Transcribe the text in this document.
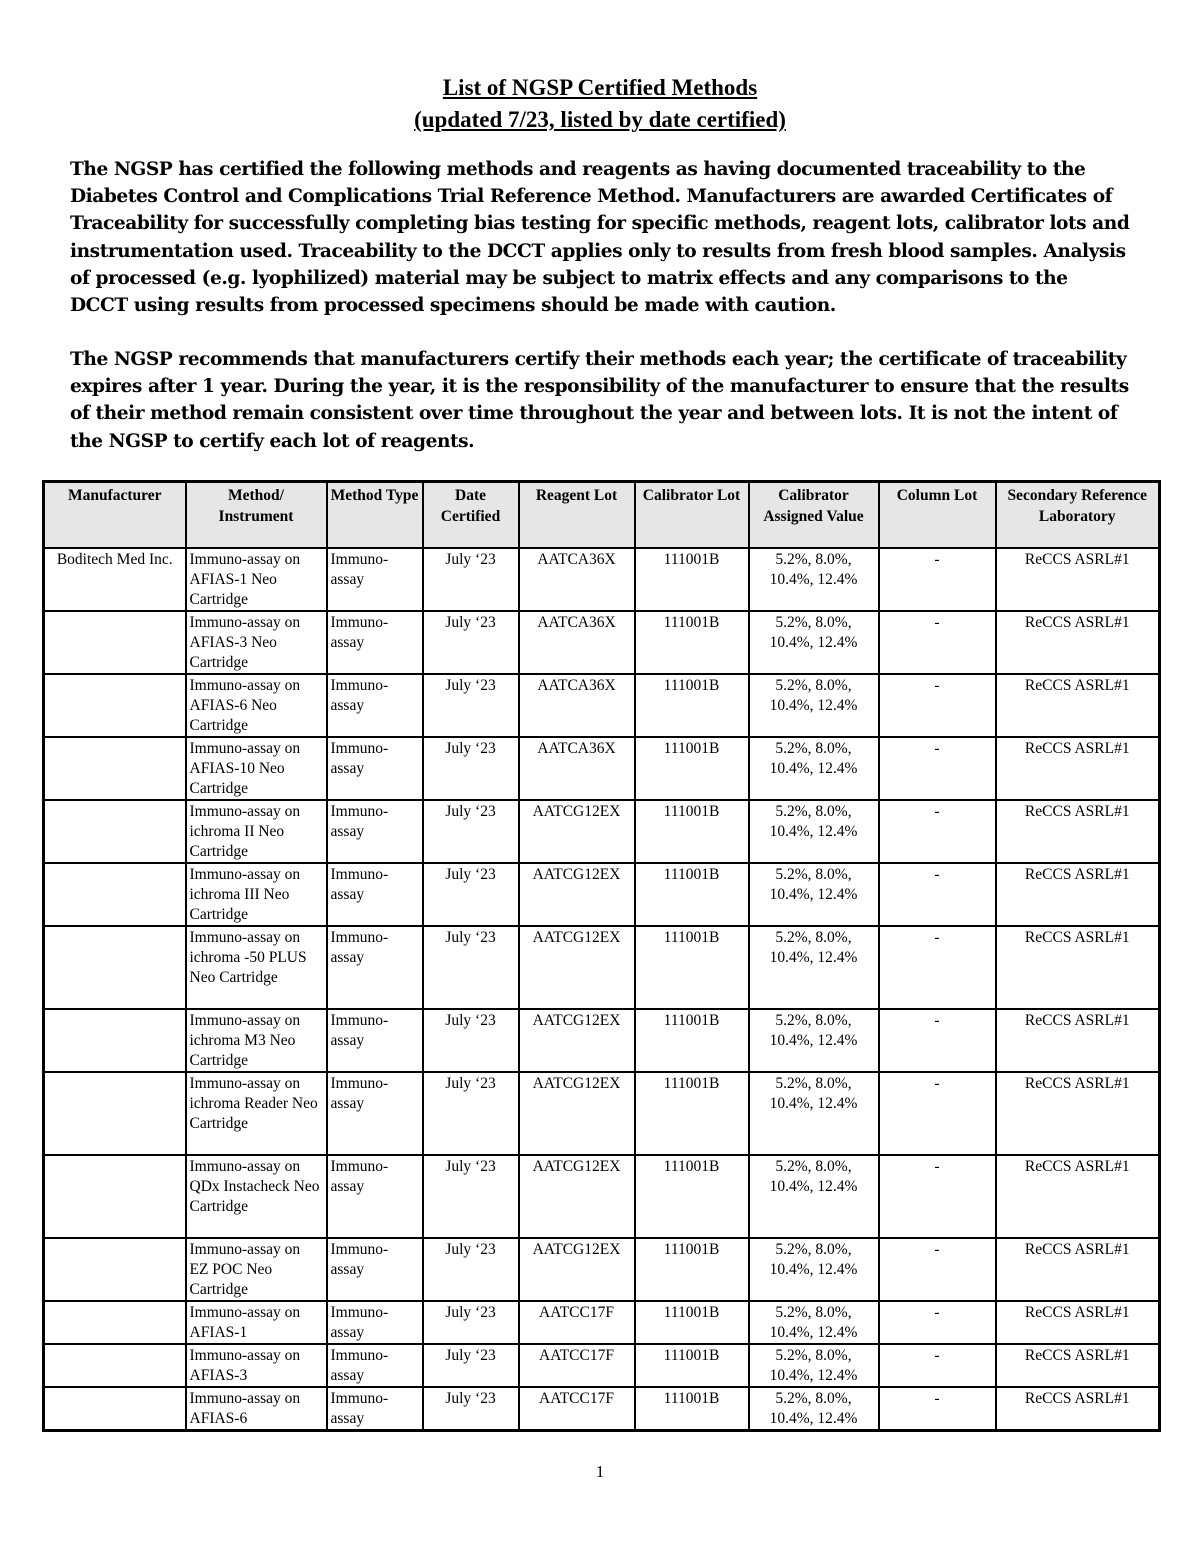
List of NGSP Certified Methods
(updated 7/23, listed by date certified)

The NGSP has certified the following methods and reagents as having documented traceability to the Diabetes Control and Complications Trial Reference Method. Manufacturers are awarded Certificates of Traceability for successfully completing bias testing for specific methods, reagent lots, calibrator lots and instrumentation used. Traceability to the DCCT applies only to results from fresh blood samples. Analysis of processed (e.g. lyophilized) material may be subject to matrix effects and any comparisons to the DCCT using results from processed specimens should be made with caution.

The NGSP recommends that manufacturers certify their methods each year; the certificate of traceability expires after 1 year. During the year, it is the responsibility of the manufacturer to ensure that the results of their method remain consistent over time throughout the year and between lots. It is not the intent of the NGSP to certify each lot of reagents.

Manufacturer	Method/ Instrument	Method Type	Date Certified	Reagent Lot	Calibrator Lot	Calibrator Assigned Value	Column Lot	Secondary Reference Laboratory
Boditech Med Inc.	Immuno-assay on AFIAS-1 Neo Cartridge	Immuno-assay	July ‘23	AATCA36X	111001B	5.2%, 8.0%, 10.4%, 12.4%	-	ReCCS ASRL#1
	Immuno-assay on AFIAS-3 Neo Cartridge	Immuno-assay	July ‘23	AATCA36X	111001B	5.2%, 8.0%, 10.4%, 12.4%	-	ReCCS ASRL#1
	Immuno-assay on AFIAS-6 Neo Cartridge	Immuno-assay	July ‘23	AATCA36X	111001B	5.2%, 8.0%, 10.4%, 12.4%	-	ReCCS ASRL#1
	Immuno-assay on AFIAS-10 Neo Cartridge	Immuno-assay	July ‘23	AATCA36X	111001B	5.2%, 8.0%, 10.4%, 12.4%	-	ReCCS ASRL#1
	Immuno-assay on ichroma II Neo Cartridge	Immuno-assay	July ‘23	AATCG12EX	111001B	5.2%, 8.0%, 10.4%, 12.4%	-	ReCCS ASRL#1
	Immuno-assay on ichroma III Neo Cartridge	Immuno-assay	July ‘23	AATCG12EX	111001B	5.2%, 8.0%, 10.4%, 12.4%	-	ReCCS ASRL#1
	Immuno-assay on ichroma -50 PLUS Neo Cartridge	Immuno-assay	July ‘23	AATCG12EX	111001B	5.2%, 8.0%, 10.4%, 12.4%	-	ReCCS ASRL#1
	Immuno-assay on ichroma M3 Neo Cartridge	Immuno-assay	July ‘23	AATCG12EX	111001B	5.2%, 8.0%, 10.4%, 12.4%	-	ReCCS ASRL#1
	Immuno-assay on ichroma Reader Neo Cartridge	Immuno-assay	July ‘23	AATCG12EX	111001B	5.2%, 8.0%, 10.4%, 12.4%	-	ReCCS ASRL#1
	Immuno-assay on QDx Instacheck Neo Cartridge	Immuno-assay	July ‘23	AATCG12EX	111001B	5.2%, 8.0%, 10.4%, 12.4%	-	ReCCS ASRL#1
	Immuno-assay on EZ POC Neo Cartridge	Immuno-assay	July ‘23	AATCG12EX	111001B	5.2%, 8.0%, 10.4%, 12.4%	-	ReCCS ASRL#1
	Immuno-assay on AFIAS-1	Immuno-assay	July ‘23	AATCC17F	111001B	5.2%, 8.0%, 10.4%, 12.4%	-	ReCCS ASRL#1
	Immuno-assay on AFIAS-3	Immuno-assay	July ‘23	AATCC17F	111001B	5.2%, 8.0%, 10.4%, 12.4%	-	ReCCS ASRL#1
	Immuno-assay on AFIAS-6	Immuno-assay	July ‘23	AATCC17F	111001B	5.2%, 8.0%, 10.4%, 12.4%	-	ReCCS ASRL#1
1
